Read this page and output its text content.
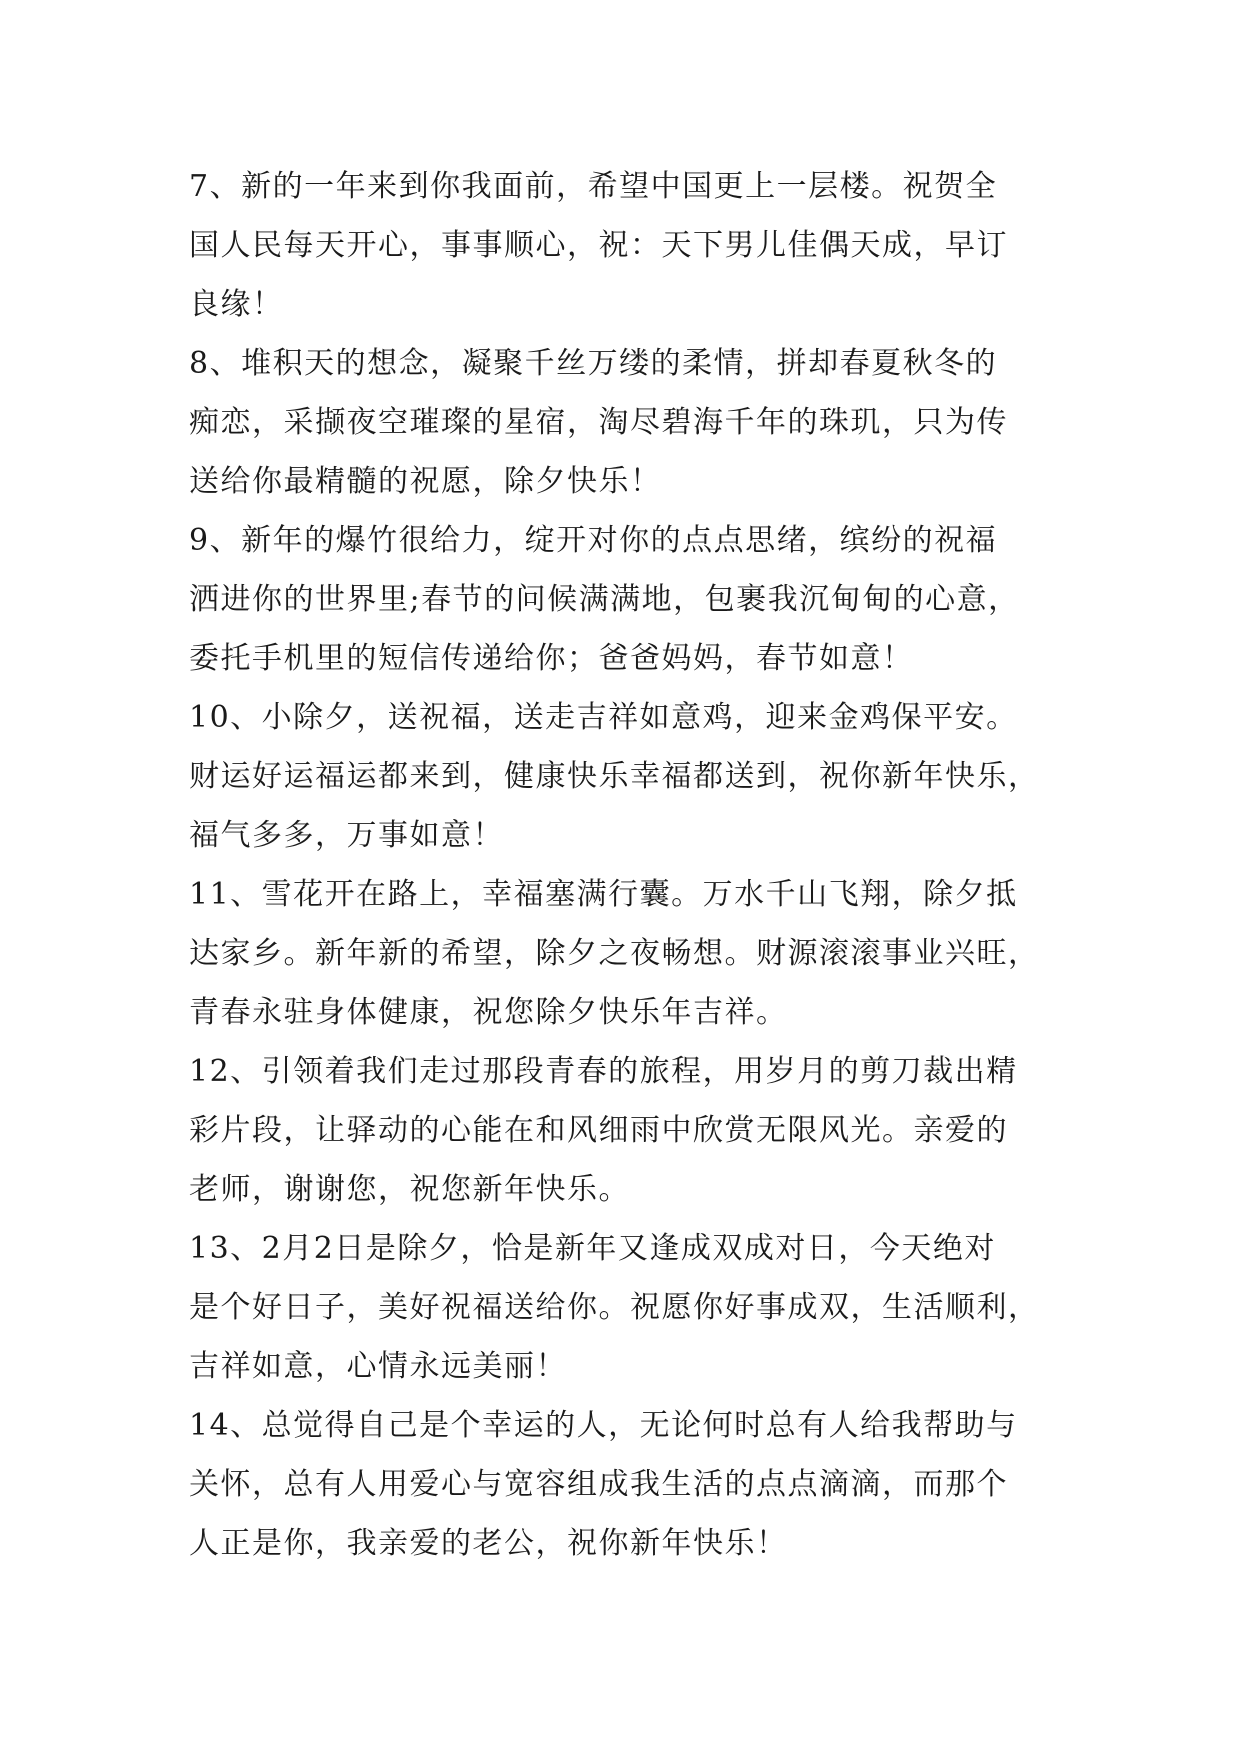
7、新的一年来到你我面前，希望中国更上一层楼。祝贺全
国人民每天开心，事事顺心，祝：天下男儿佳偶天成，早订
良缘！
8、堆积天的想念，凝聚千丝万缕的柔情，拼却春夏秋冬的
痴恋，采撷夜空璀璨的星宿，淘尽碧海千年的珠玑，只为传
送给你最精髓的祝愿，除夕快乐！
9、新年的爆竹很给力，绽开对你的点点思绪，缤纷的祝福
洒进你的世界里;春节的问候满满地，包裹我沉甸甸的心意，
委托手机里的短信传递给你；爸爸妈妈，春节如意！
10、小除夕，送祝福，送走吉祥如意鸡，迎来金鸡保平安。
财运好运福运都来到，健康快乐幸福都送到，祝你新年快乐，
福气多多，万事如意！
11、雪花开在路上，幸福塞满行囊。万水千山飞翔，除夕抵
达家乡。新年新的希望，除夕之夜畅想。财源滚滚事业兴旺，
青春永驻身体健康，祝您除夕快乐年吉祥。
12、引领着我们走过那段青春的旅程，用岁月的剪刀裁出精
彩片段，让驿动的心能在和风细雨中欣赏无限风光。亲爱的
老师，谢谢您，祝您新年快乐。
13、2月2日是除夕，恰是新年又逢成双成对日，今天绝对
是个好日子，美好祝福送给你。祝愿你好事成双，生活顺利，
吉祥如意，心情永远美丽！
14、总觉得自己是个幸运的人，无论何时总有人给我帮助与
关怀，总有人用爱心与宽容组成我生活的点点滴滴，而那个
人正是你，我亲爱的老公，祝你新年快乐！
